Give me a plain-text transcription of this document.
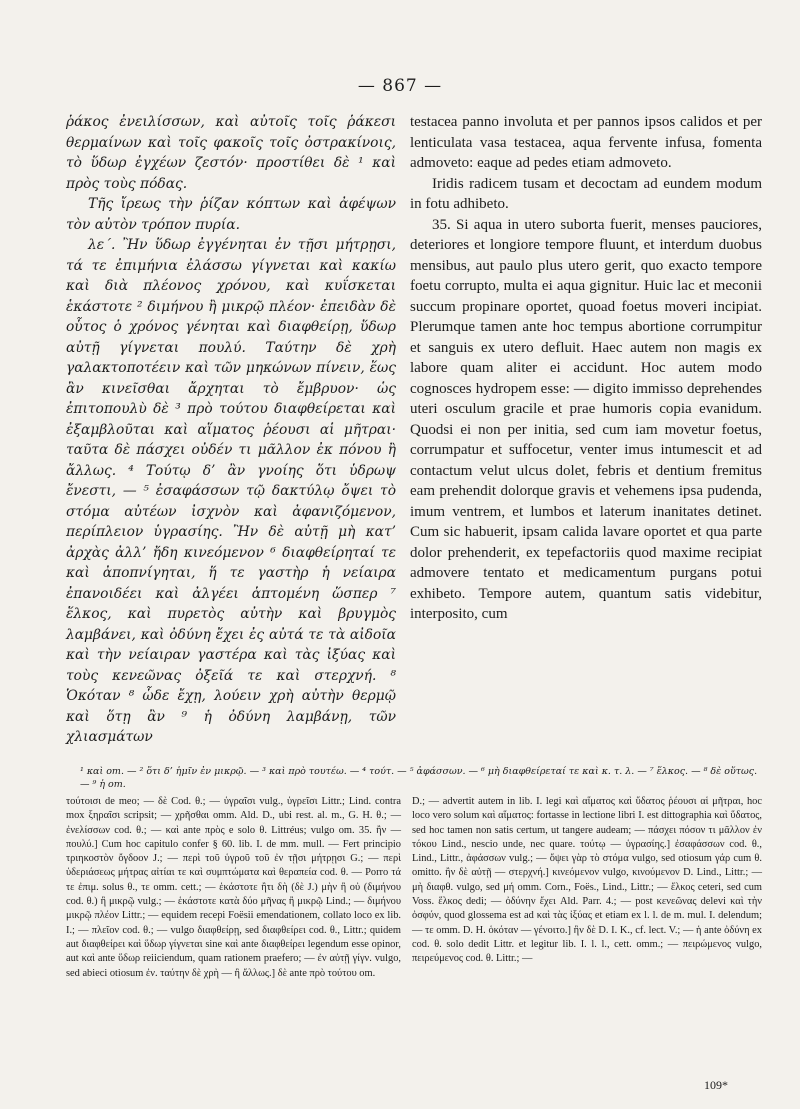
— 867 —

ῥάκος ἐνειλίσσων, καὶ αὐτοῖς τοῖς ῥάκεσι θερμαίνων καὶ τοῖς φακοῖς τοῖς ὀστρακίνοις, τὸ ὕδωρ ἐγχέων ζεστόν· προστίθει δὲ ¹ καὶ πρὸς τοὺς πόδας.

Τῆς ἴρεως τὴν ῥίζαν κόπτων καὶ ἀφέψων τὸν αὐτὸν τρόπον πυρία.

λε΄. Ἢν ὕδωρ ἐγγένηται ἐν τῇσι μήτρῃσι, τά τε ἐπιμήνια ἐλάσσω γίγνεται καὶ κακίω καὶ διὰ πλέονος χρόνου, καὶ κυΐσκεται ἑκάστοτε ² διμήνου ἢ μικρῷ πλέον· ἐπειδὰν δὲ οὗτος ὁ χρόνος γένηται καὶ διαφθείρῃ, ὕδωρ αὐτῇ γίγνεται πουλύ. Ταύτην δὲ χρὴ γαλακτοποτέειν καὶ τῶν μηκώνων πίνειν, ἕως ἂν κινεῖσθαι ἄρχηται τὸ ἔμβρυον· ὡς ἐπιτοπουλὺ δὲ ³ πρὸ τούτου διαφθείρεται καὶ ἐξαμβλοῦται καὶ αἵματος ῥέουσι αἱ μῆτραι· ταῦτα δὲ πάσχει οὐδέν τι μᾶλλον ἐκ πόνου ἢ ἄλλως. ⁴ Τούτῳ δ’ ἂν γνοίης ὅτι ὑδρωψ ἔνεστι, — ⁵ ἐσαφάσσων τῷ δακτύλῳ ὄψει τὸ στόμα αὐτέων ἰσχνὸν καὶ ἀφανιζόμενον, περίπλειον ὑγρασίης. Ἢν δὲ αὐτῇ μὴ κατ’ ἀρχὰς ἀλλ’ ἤδη κινεόμενον ⁶ διαφθείρηταί τε καὶ ἀποπνίγηται, ἥ τε γαστὴρ ἡ νείαιρα ἐπανοιδέει καὶ ἀλγέει ἁπτομένη ὥσπερ ⁷ ἕλκος, καὶ πυρετὸς αὐτὴν καὶ βρυγμὸς λαμβάνει, καὶ ὀδύνη ἔχει ἐς αὐτά τε τὰ αἰδοῖα καὶ τὴν νείαιραν γαστέρα καὶ τὰς ἰξύας καὶ τοὺς κενεῶνας ὀξεῖά τε καὶ στερχνή. ⁸ Ὁκόταν ⁸ ὧδε ἔχῃ, λούειν χρὴ αὐτὴν θερμῷ καὶ ὅτῃ ἂν ⁹ ἡ ὀδύνη λαμβάνῃ, τῶν χλιασμάτων

testacea panno involuta et per pannos ipsos calidos et per lenticulata vasa testacea, aqua fervente infusa, fomenta admoveto: eaque ad pedes etiam admoveto.

Iridis radicem tusam et decoctam ad eundem modum in fotu adhibeto.

35. Si aqua in utero suborta fuerit, menses pauciores, deteriores et longiore tempore fluunt, et interdum duobus mensibus, aut paulo plus utero gerit, quo exacto tempore foetu corrupto, multa ei aqua gignitur. Huic lac et meconii succum propinare oportet, quoad foetus moveri incipiat. Plerumque tamen ante hoc tempus abortione corrumpitur et sanguis ex utero defluit. Haec autem non magis ex labore quam aliter ei accidunt. Hoc autem modo cognosces hydropem esse: — digito immisso deprehendes uteri osculum gracile et prae humoris copia evanidum. Quodsi ei non per initia, sed cum iam movetur foetus, corrumpatur et suffocetur, venter imus intumescit et ad contactum velut ulcus dolet, febris et dentium fremitus eam prehendit dolorque gravis et vehemens ipsa pudenda, imum ventrem, et lumbos et laterum inanitates detinet. Cum sic habuerit, ipsam calida lavare oportet et qua parte dolor prehenderit, ex tepefactoriis quod maxime recipiat admovere tentato et medicamentum purgans potui exhibeto. Tempore autem, quantum satis videbitur, interposito, cum

¹ καὶ om. — ² ὅτι δ’ ἡμῖν ἐν μικρῷ. — ³ καὶ πρὸ τουτέω. — ⁴ τούτ. — ⁵ ἀφάσσων. — ⁶ μὴ διαφθείρεταί τε καὶ κ. τ. λ. — ⁷ ἕλκος. — ⁸ δὲ οὕτως. — ⁹ ἡ om.

τούτοισι de meo; — δὲ Cod. θ.; — ὑγραῖσι vulg., ὑγρεῖσι Littr.; Lind. contra mox ξηραῖσι scripsit; — χρῆσθαι omm. Ald. D., ubi rest. al. m., G. H. θ.; — ἐνελίσσων cod. θ.; — καὶ ante πρὸς e solo θ. Littréus; vulgo om. 35. ἢν — πουλύ.] Cum hoc capitulo confer § 60. lib. I. de mm. mull. — Fert principio τριηκοστὸν ὄγδοον J.; — περὶ τοῦ ὑγροῦ τοῦ ἐν τῇσι μήτρῃσι G.; — περὶ ὑδεριάσεως μήτρας αἰτίαι τε καὶ συμπτώματα καὶ θεραπεία cod. θ. — Porro τά τε ἐπιμ. solus θ., τε omm. cett.; — ἑκάστοτε ἢτι δὴ (δὲ J.) μὴν ἢ οὐ (διμήνου cod. θ.) ἢ μικρῷ vulg.; — ἑκάστοτε κατὰ δύο μῆνας ἢ μικρῷ Lind.; — διμήνου μικρῷ πλέον Littr.; — equidem recepi Foësii emendationem, collato loco ex lib. I.; — πλεῖον cod. θ.; — vulgo διαφθείρῃ, sed διαφθείρει cod. θ., Littr.; quidem aut διαφθείρει καὶ ὕδωρ γίγνεται sine καὶ ante διαφθείρει legendum esse opinor, aut καὶ ante ὕδωρ reiiciendum, quam rationem praefero; — ἐν αὐτῇ γίγν. vulgo, sed abieci otiosum ἐν. ταύτην δὲ χρὴ — ἢ ἄλλως.] δὲ ante πρὸ τούτου om.

D.; — advertit autem in lib. I. legi καὶ αἵματος καὶ ὕδατος ῥέουσι αἱ μῆτραι, hoc loco vero solum καὶ αἵματος: fortasse in lectione libri I. est dittographia καὶ ὕδατος, sed hoc tamen non satis certum, ut tangere audeam; — πάσχει πόσον τι μᾶλλον ἐν τόκου Lind., nescio unde, nec quare. τούτῳ — ὑγρασίης.] ἐσαφάσσων cod. θ., Lind., Littr., ἀφάσσων vulg.; — ὄψει γὰρ τὸ στόμα vulgo, sed otiosum γάρ cum θ. omitto. ἢν δὲ αὐτῇ — στερχνή.] κινεόμενον vulgo, κινούμενον D. Lind., Littr.; — μὴ διαφθ. vulgo, sed μή omm. Corn., Foës., Lind., Littr.; — ἕλκος ceteri, sed cum Voss. ἕλκος dedi; — ὀδύνην ἔχει Ald. Parr. 4.; — post κενεῶνας delevi καὶ τὴν ὀσφύν, quod glossema est ad καὶ τὰς ἰξύας et etiam ex l. l. de m. mul. I. delendum; — τε omm. D. H. ὁκόταν — γένοιτο.] ἢν δὲ D. I. K., cf. lect. V.; — ἡ ante ὀδύνη ex cod. θ. solo dedit Littr. et legitur lib. I. l. l., cett. omm.; — πειρώμενος vulgo, πειρεύμενος cod. θ. Littr.; —

109*
